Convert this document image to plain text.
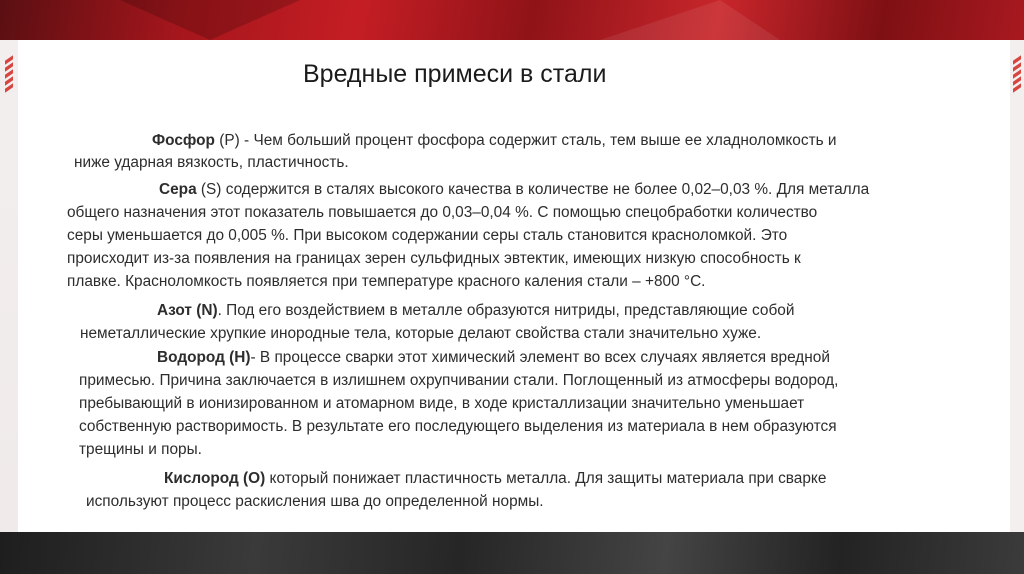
Вредные примеси в стали
Фосфор (Р) - Чем больший процент фосфора содержит сталь, тем выше ее хладноломкость и
ниже ударная вязкость, пластичность.
Сера (S) содержится в сталях высокого качества в количестве не более 0,02–0,03 %. Для металла
общего назначения этот показатель повышается до 0,03–0,04 %. С помощью спецобработки количество
серы уменьшается до 0,005 %. При высоком содержании серы сталь становится красноломкой. Это
происходит из-за появления на границах зерен сульфидных эвтектик, имеющих низкую способность к
плавке. Красноломкость появляется при температуре красного каления стали – +800 °С.
Азот (N). Под его воздействием в металле образуются нитриды, представляющие собой
неметаллические хрупкие инородные тела, которые делают свойства стали значительно хуже.
Водород (Н)- В процессе сварки этот химический элемент во всех случаях является вредной
примесью. Причина заключается в излишнем охрупчивании стали. Поглощенный из атмосферы водород,
пребывающий в ионизированном и атомарном виде, в ходе кристаллизации значительно уменьшает
собственную растворимость. В результате его последующего выделения из материала в нем образуются
трещины и поры.
Кислород (О) который понижает пластичность металла. Для защиты материала при сварке
используют процесс раскисления шва до определенной нормы.
